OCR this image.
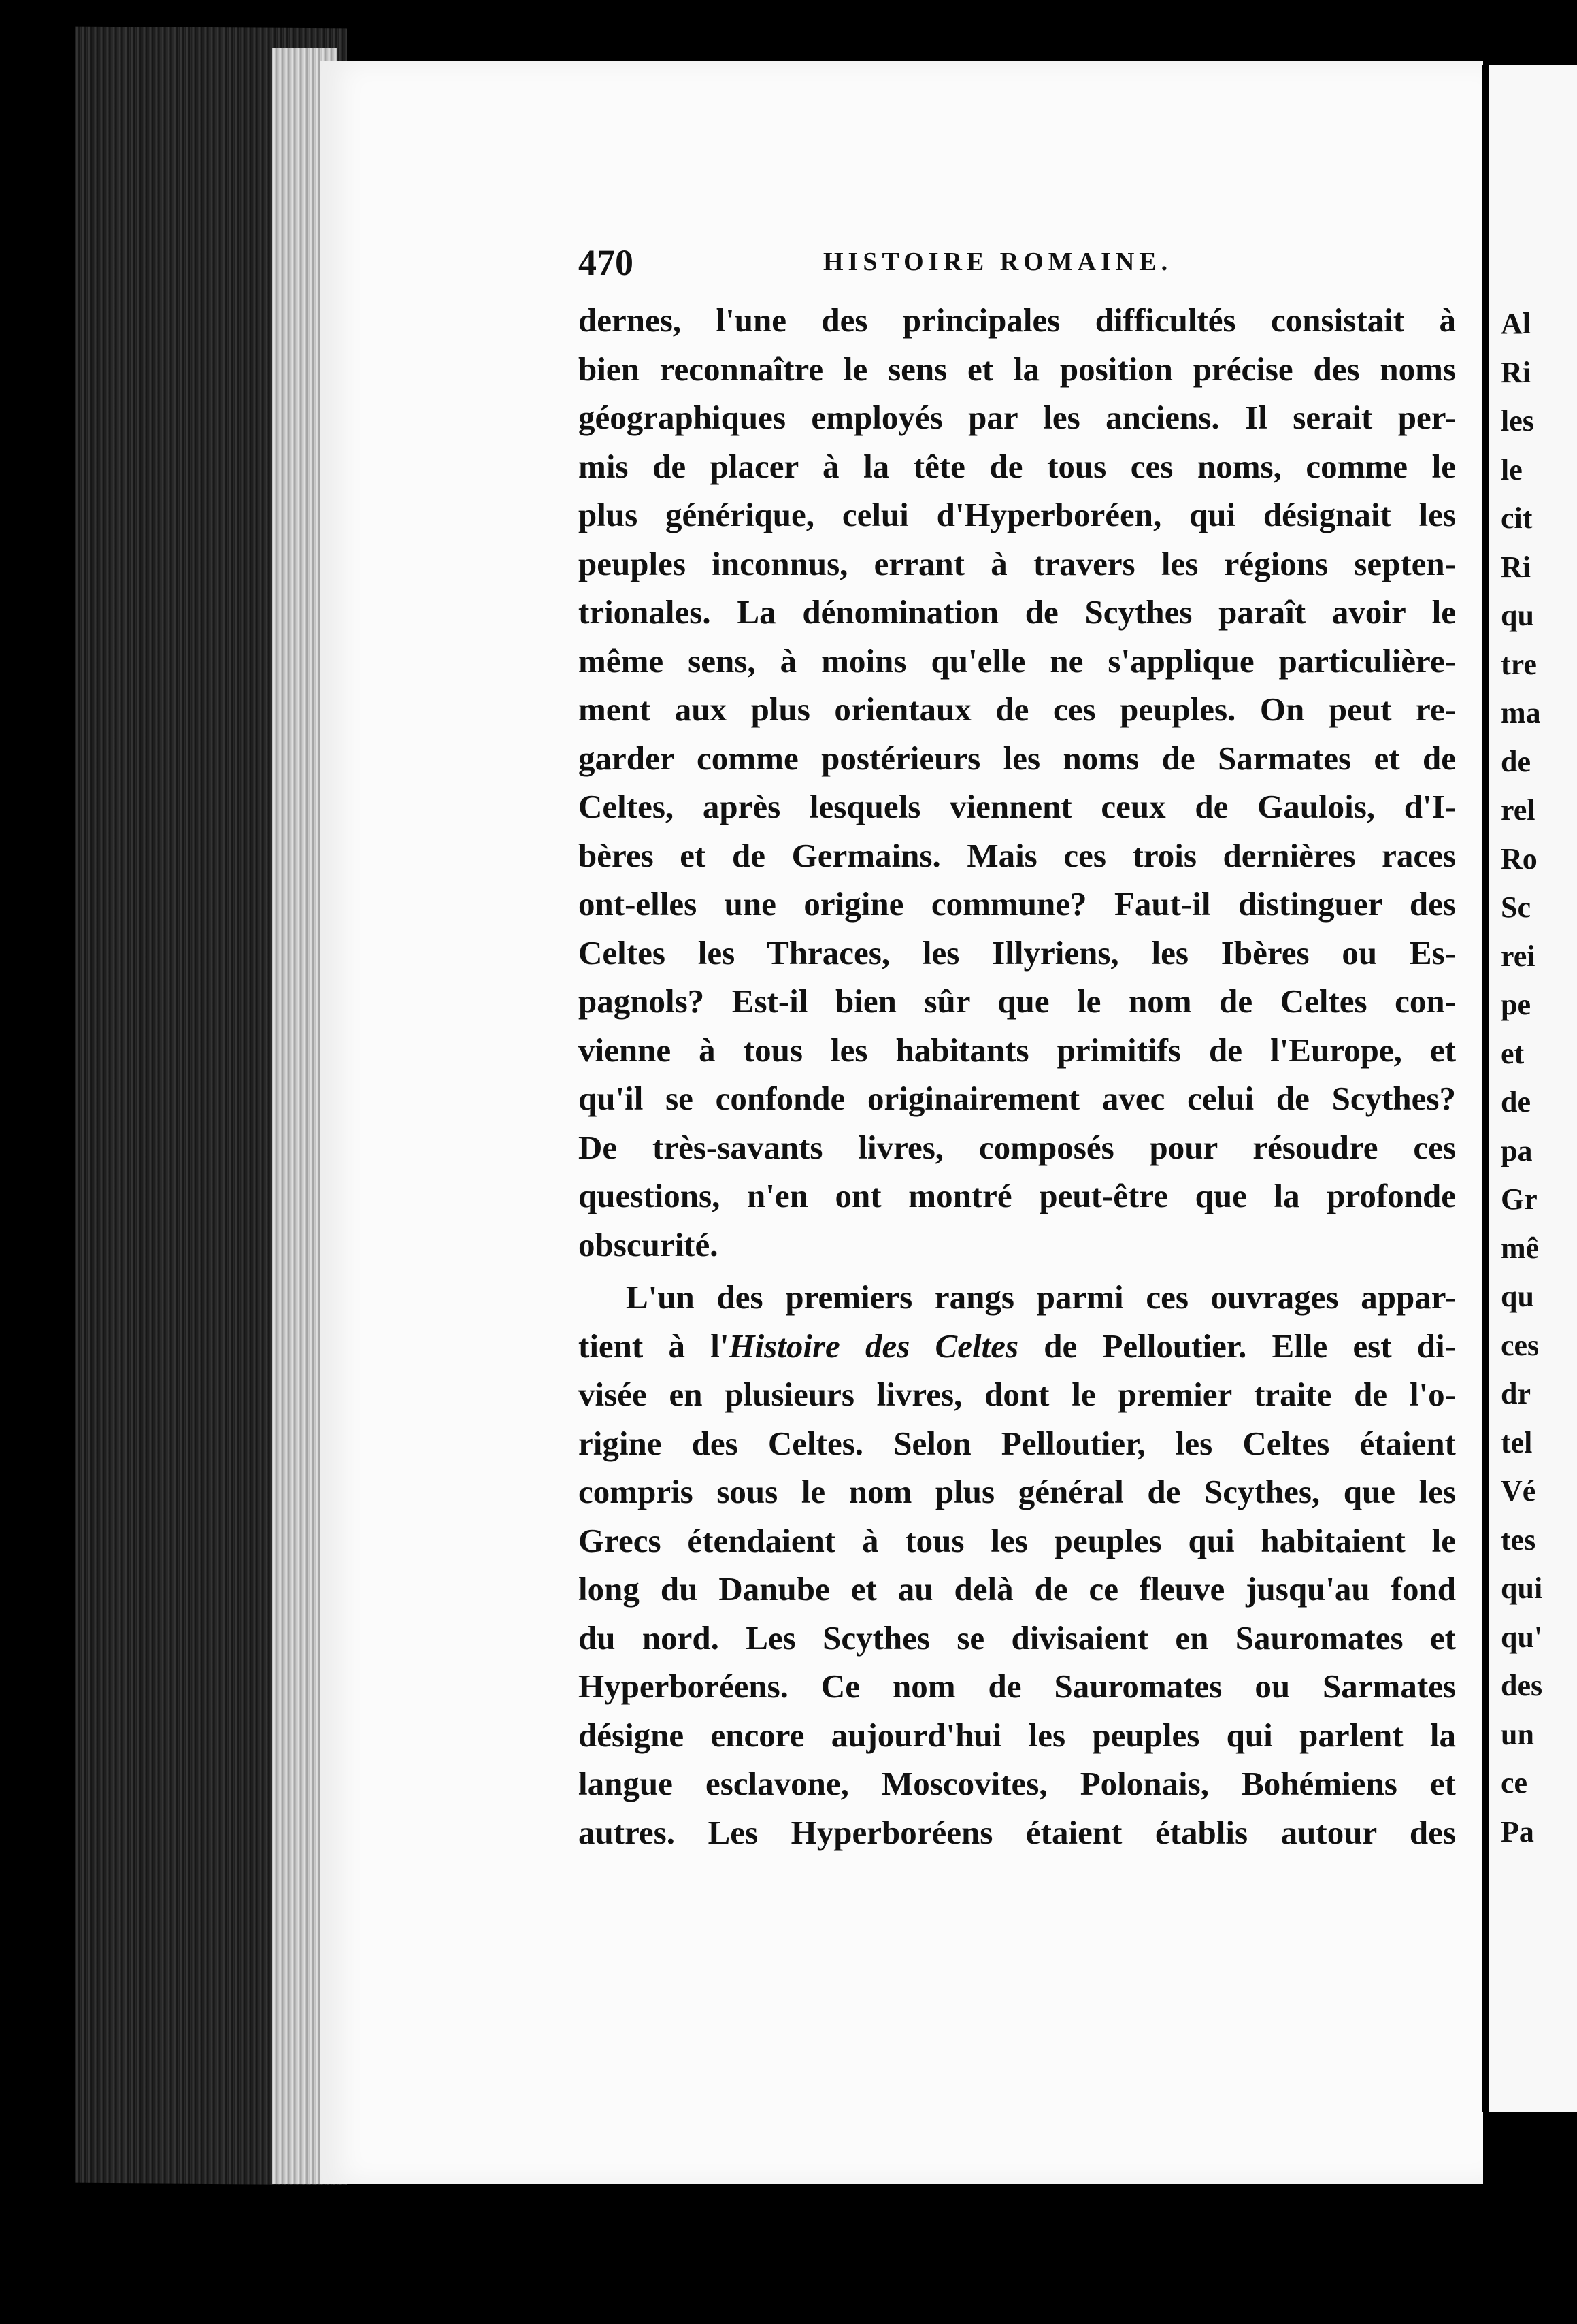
Al
Ri
les
le
cit
Ri
qu
tre
ma
de
rel
Ro
Sc
rei
pe
et
de
pa
Gr
mê
qu
ces
dr
tel
Vé
tes
qui
qu'
des
un
ce
Pa
470	HISTOIRE ROMAINE.
dernes, l'une des principales difficultés consistait à
bien reconnaître le sens et la position précise des noms
géographiques employés par les anciens. Il serait per-
mis de placer à la tête de tous ces noms, comme le
plus générique, celui d'Hyperboréen, qui désignait les
peuples inconnus, errant à travers les régions septen-
trionales. La dénomination de Scythes paraît avoir le
même sens, à moins qu'elle ne s'applique particulière-
ment aux plus orientaux de ces peuples. On peut re-
garder comme postérieurs les noms de Sarmates et de
Celtes, après lesquels viennent ceux de Gaulois, d'I-
bères et de Germains. Mais ces trois dernières races
ont-elles une origine commune? Faut-il distinguer des
Celtes les Thraces, les Illyriens, les Ibères ou Es-
pagnols? Est-il bien sûr que le nom de Celtes con-
vienne à tous les habitants primitifs de l'Europe, et
qu'il se confonde originairement avec celui de Scythes?
De très-savants livres, composés pour résoudre ces
questions, n'en ont montré peut-être que la profonde
obscurité.
L'un des premiers rangs parmi ces ouvrages appar-
tient à l'Histoire des Celtes de Pelloutier. Elle est di-
visée en plusieurs livres, dont le premier traite de l'o-
rigine des Celtes. Selon Pelloutier, les Celtes étaient
compris sous le nom plus général de Scythes, que les
Grecs étendaient à tous les peuples qui habitaient le
long du Danube et au delà de ce fleuve jusqu'au fond
du nord. Les Scythes se divisaient en Sauromates et
Hyperboréens. Ce nom de Sauromates ou Sarmates
désigne encore aujourd'hui les peuples qui parlent la
langue esclavone, Moscovites, Polonais, Bohémiens et
autres. Les Hyperboréens étaient établis autour des
